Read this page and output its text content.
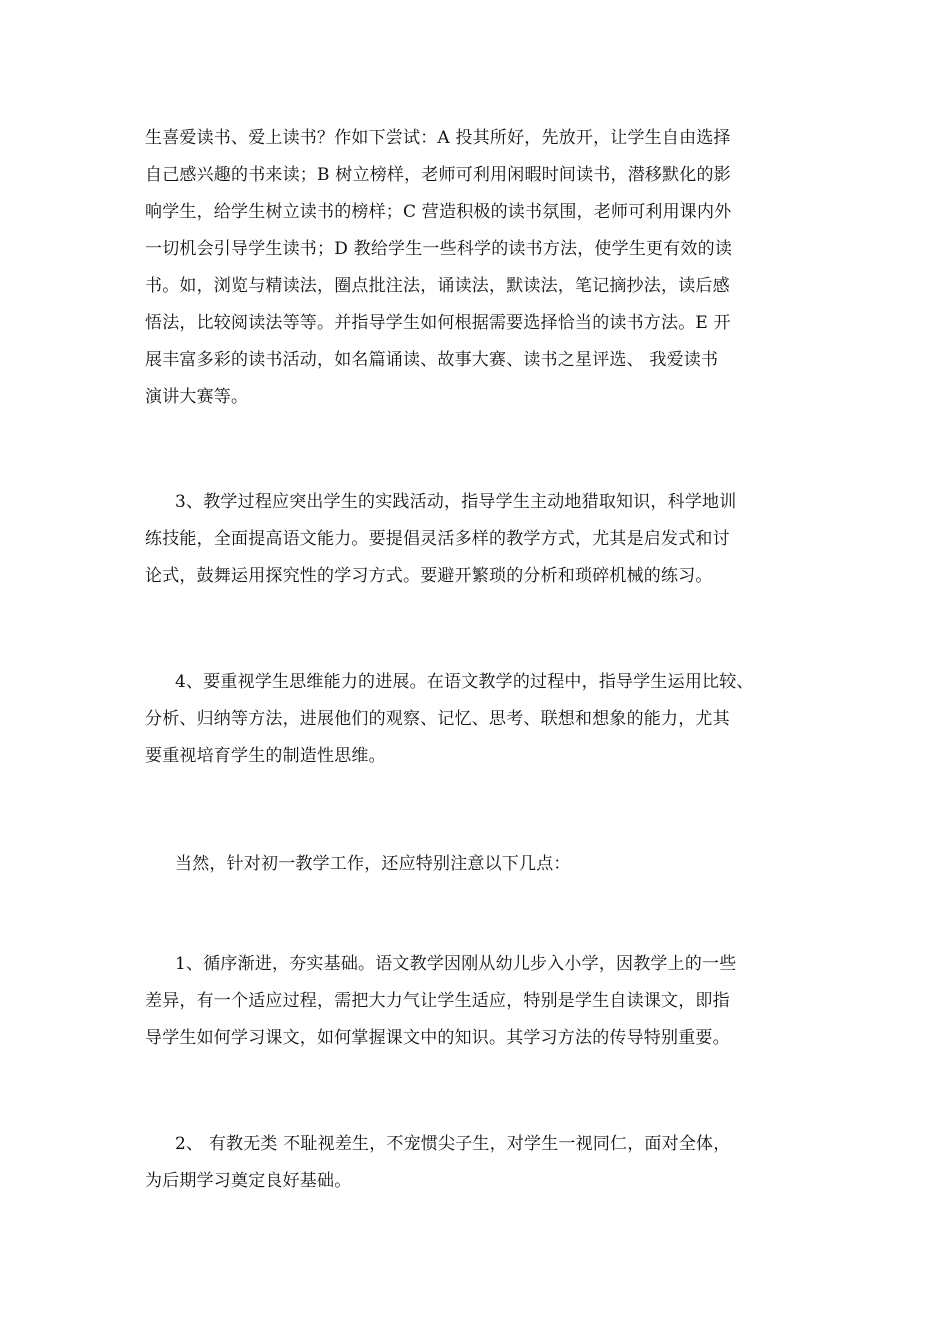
生喜爱读书、爱上读书？作如下尝试：A 投其所好，先放开，让学生自由选择
自己感兴趣的书来读；B 树立榜样，老师可利用闲暇时间读书，潜移默化的影
响学生，给学生树立读书的榜样；C 营造积极的读书氛围，老师可利用课内外
一切机会引导学生读书；D 教给学生一些科学的读书方法，使学生更有效的读
书。如，浏览与精读法，圈点批注法，诵读法，默读法，笔记摘抄法，读后感
悟法，比较阅读法等等。并指导学生如何根据需要选择恰当的读书方法。E 开
展丰富多彩的读书活动，如名篇诵读、故事大赛、读书之星评选、 我爱读书
演讲大赛等。
3、教学过程应突出学生的实践活动，指导学生主动地猎取知识，科学地训
练技能，全面提高语文能力。要提倡灵活多样的教学方式，尤其是启发式和讨
论式，鼓舞运用探究性的学习方式。要避开繁琐的分析和琐碎机械的练习。
4、要重视学生思维能力的进展。在语文教学的过程中，指导学生运用比较、
分析、归纳等方法，进展他们的观察、记忆、思考、联想和想象的能力，尤其
要重视培育学生的制造性思维。
当然，针对初一教学工作，还应特别注意以下几点：
1、循序渐进，夯实基础。语文教学因刚从幼儿步入小学，因教学上的一些
差异，有一个适应过程，需把大力气让学生适应，特别是学生自读课文，即指
导学生如何学习课文，如何掌握课文中的知识。其学习方法的传导特别重要。
2、 有教无类 不耻视差生，不宠惯尖子生，对学生一视同仁，面对全体，
为后期学习奠定良好基础。
